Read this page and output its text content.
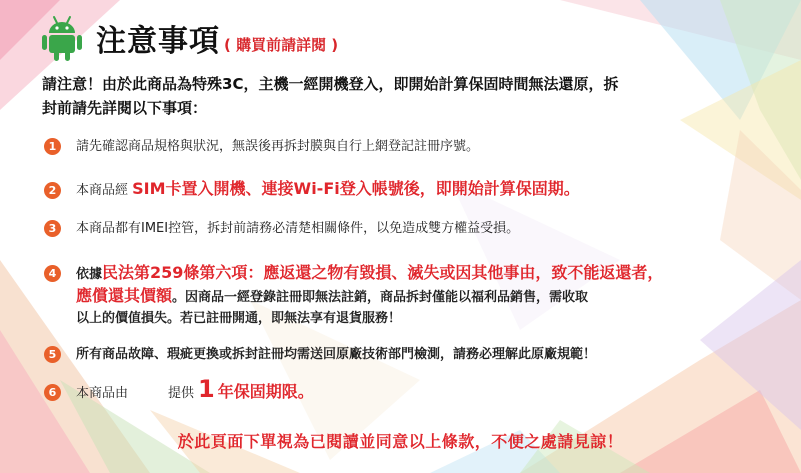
注意事項 ( 購買前請詳閱 )
請注意！由於此商品為特殊3C，主機一經開機登入，即開始計算保固時間無法還原，拆
封前請先詳閱以下事項：
1	請先確認商品規格與狀況，無誤後再拆封膜與自行上網登記註冊序號。
2	本商品經 SIM卡置入開機、連接Wi-Fi登入帳號後，即開始計算保固期。
3	本商品都有IMEI控管，拆封前請務必清楚相關條件，以免造成雙方權益受損。
4	依據民法第259條第六項：應返還之物有毀損、滅失或因其他事由，致不能返還者，
應償還其價額。因商品一經登錄註冊即無法註銷，商品拆封僅能以福利品銷售，需收取
以上的價值損失。若已註冊開通，即無法享有退貨服務！
5	所有商品故障、瑕疵更換或拆封註冊均需送回原廠技術部門檢測，請務必理解此原廠規範！
6	本商品由	提供 1 年保固期限。
於此頁面下單視為已閱讀並同意以上條款，不便之處請見諒！
